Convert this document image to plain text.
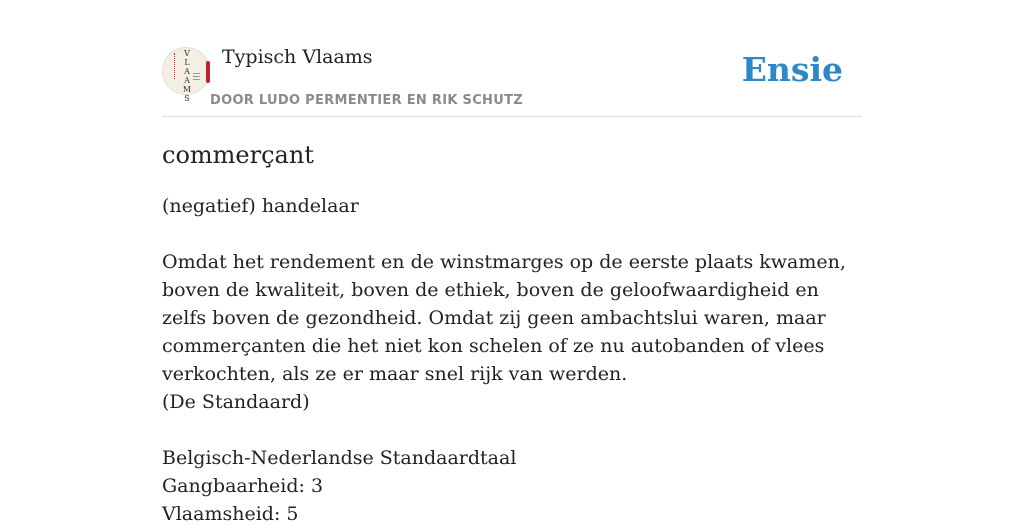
V
L
A
A
M
S
Typisch Vlaams
DOOR LUDO PERMENTIER EN RIK SCHUTZ
Ensie
commerçant
(negatief) handelaar
Omdat het rendement en de winstmarges op de eerste plaats kwamen, boven de kwaliteit, boven de ethiek, boven de geloofwaardigheid en zelfs boven de gezondheid. Omdat zij geen ambachtslui waren, maar commerçanten die het niet kon schelen of ze nu autobanden of vlees verkochten, als ze er maar snel rijk van werden.
(De Standaard)
Belgisch-Nederlandse Standaardtaal
Gangbaarheid: 3
Vlaamsheid: 5
